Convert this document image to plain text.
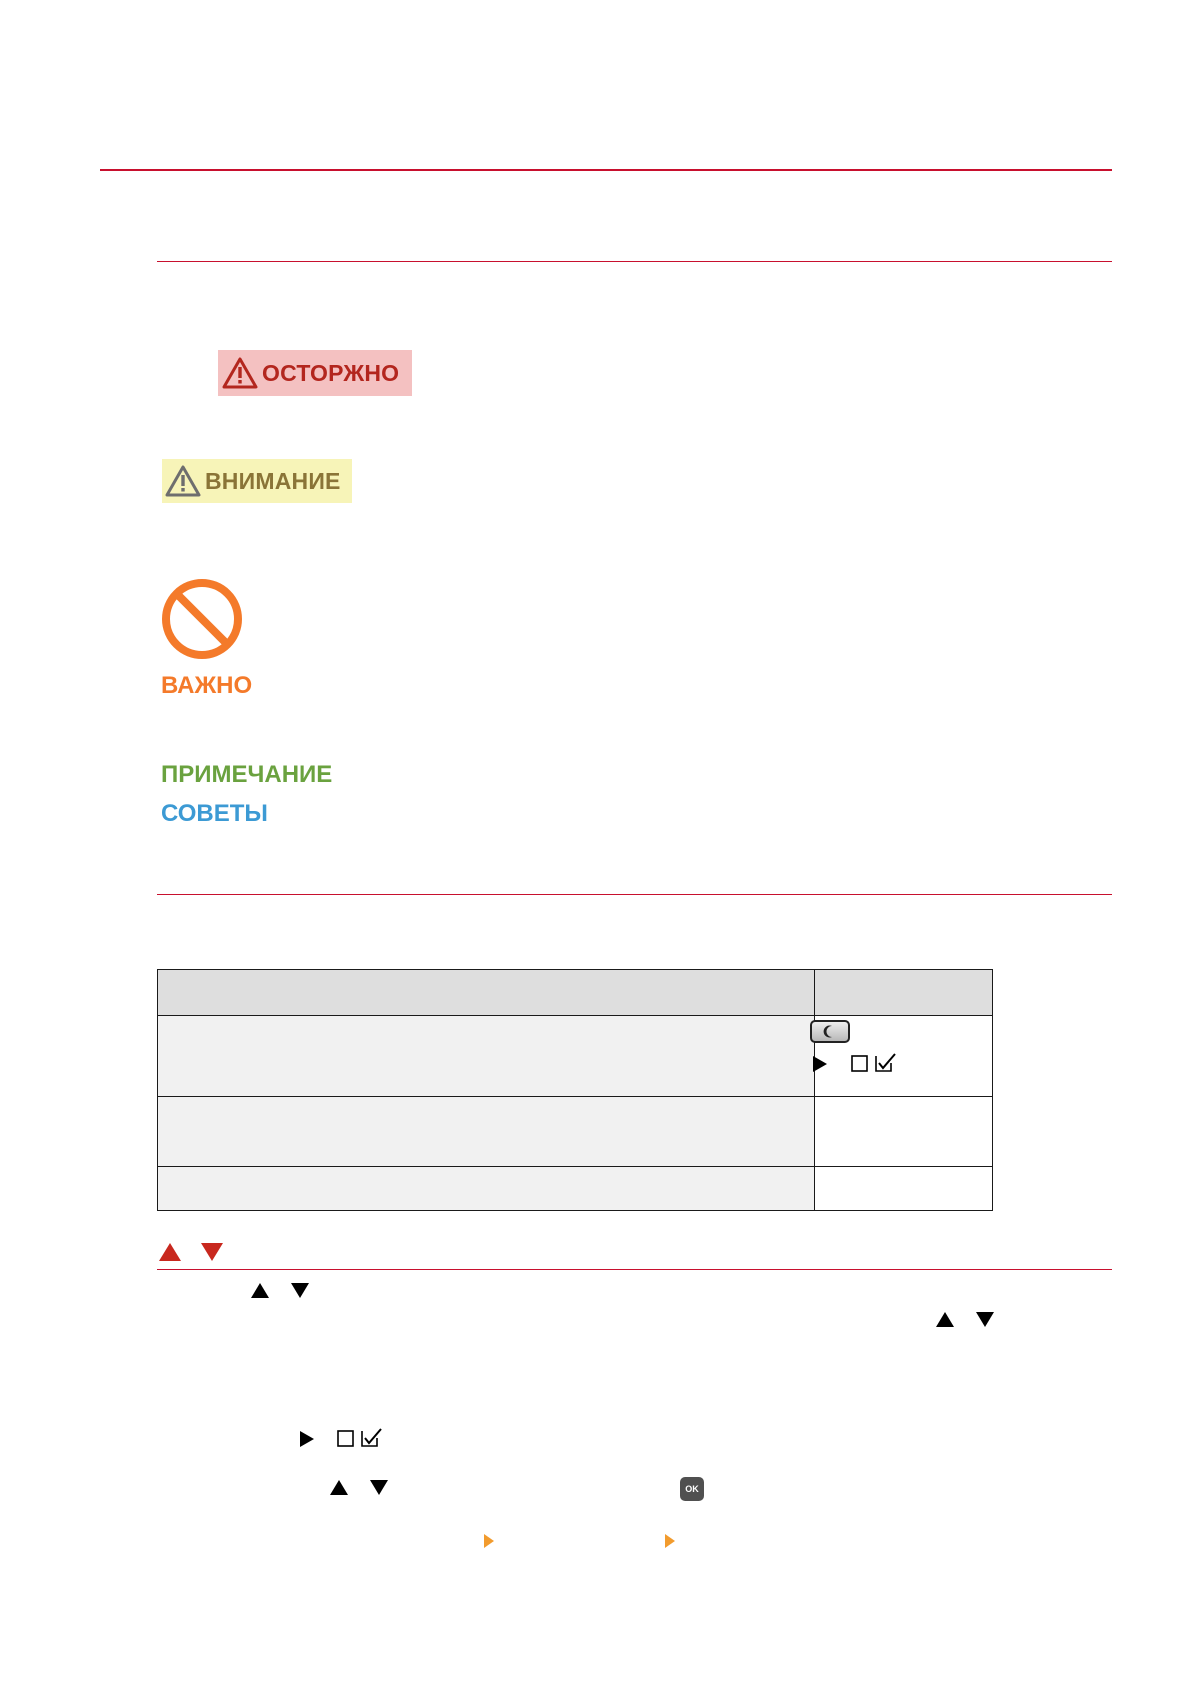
ОСТОРЖНО
ВНИМАНИЕ
ВАЖНО
ПРИМЕЧАНИЕ
СОВЕТЫ

OK
